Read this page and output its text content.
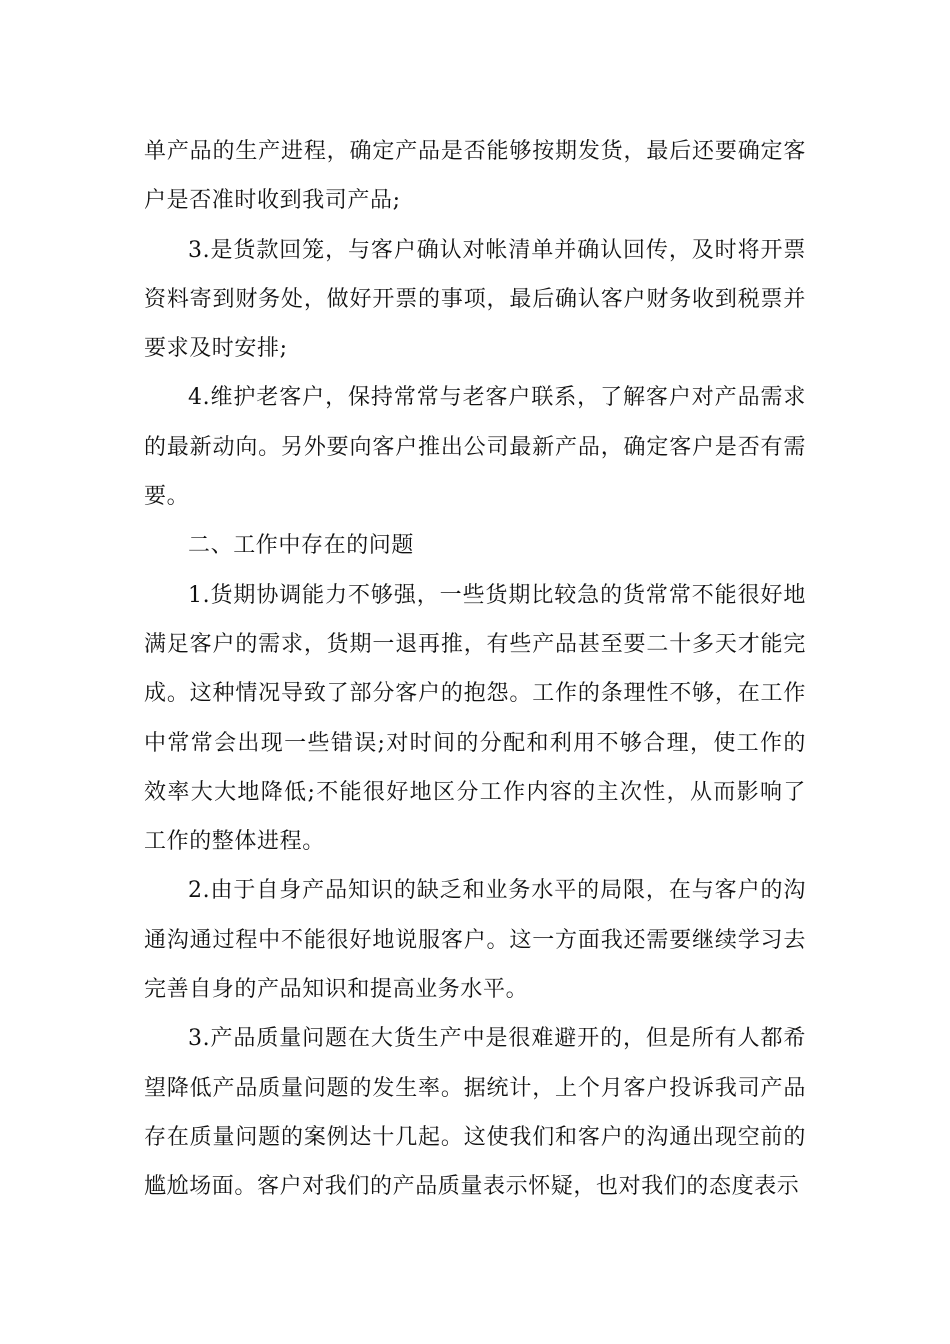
单产品的生产进程，确定产品是否能够按期发货，最后还要确定客户是否准时收到我司产品;

3.是货款回笼，与客户确认对帐清单并确认回传，及时将开票资料寄到财务处，做好开票的事项，最后确认客户财务收到税票并要求及时安排;

4.维护老客户，保持常常与老客户联系，了解客户对产品需求的最新动向。另外要向客户推出公司最新产品，确定客户是否有需要。

二、工作中存在的问题

1.货期协调能力不够强，一些货期比较急的货常常不能很好地满足客户的需求，货期一退再推，有些产品甚至要二十多天才能完成。这种情况导致了部分客户的抱怨。工作的条理性不够，在工作中常常会出现一些错误;对时间的分配和利用不够合理，使工作的效率大大地降低;不能很好地区分工作内容的主次性，从而影响了工作的整体进程。

2.由于自身产品知识的缺乏和业务水平的局限，在与客户的沟通沟通过程中不能很好地说服客户。这一方面我还需要继续学习去完善自身的产品知识和提高业务水平。

3.产品质量问题在大货生产中是很难避开的，但是所有人都希望降低产品质量问题的发生率。据统计，上个月客户投诉我司产品存在质量问题的案例达十几起。这使我们和客户的沟通出现空前的尴尬场面。客户对我们的产品质量表示怀疑，也对我们的态度表示
